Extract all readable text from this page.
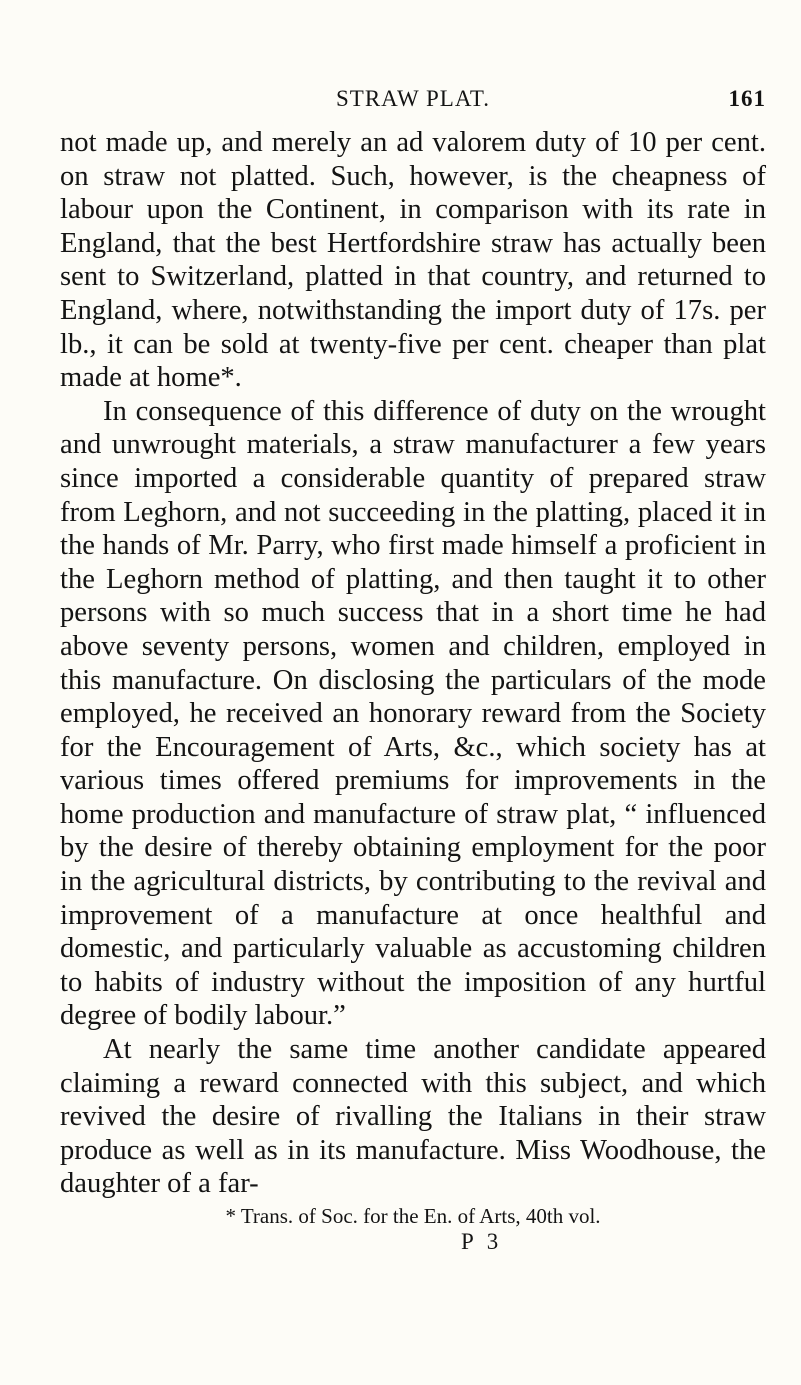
STRAW PLAT.	161

not made up, and merely an ad valorem duty of 10 per cent. on straw not platted. Such, however, is the cheapness of labour upon the Continent, in comparison with its rate in England, that the best Hertfordshire straw has actually been sent to Switzerland, platted in that country, and returned to England, where, notwithstanding the import duty of 17s. per lb., it can be sold at twenty-five per cent. cheaper than plat made at home*.

In consequence of this difference of duty on the wrought and unwrought materials, a straw manufacturer a few years since imported a considerable quantity of prepared straw from Leghorn, and not succeeding in the platting, placed it in the hands of Mr. Parry, who first made himself a proficient in the Leghorn method of platting, and then taught it to other persons with so much success that in a short time he had above seventy persons, women and children, employed in this manufacture. On disclosing the particulars of the mode employed, he received an honorary reward from the Society for the Encouragement of Arts, &c., which society has at various times offered premiums for improvements in the home production and manufacture of straw plat, “ influenced by the desire of thereby obtaining employment for the poor in the agricultural districts, by contributing to the revival and improvement of a manufacture at once healthful and domestic, and particularly valuable as accustoming children to habits of industry without the imposition of any hurtful degree of bodily labour.”

At nearly the same time another candidate appeared claiming a reward connected with this subject, and which revived the desire of rivalling the Italians in their straw produce as well as in its manufacture. Miss Woodhouse, the daughter of a far-

* Trans. of Soc. for the En. of Arts, 40th vol.
P 3
